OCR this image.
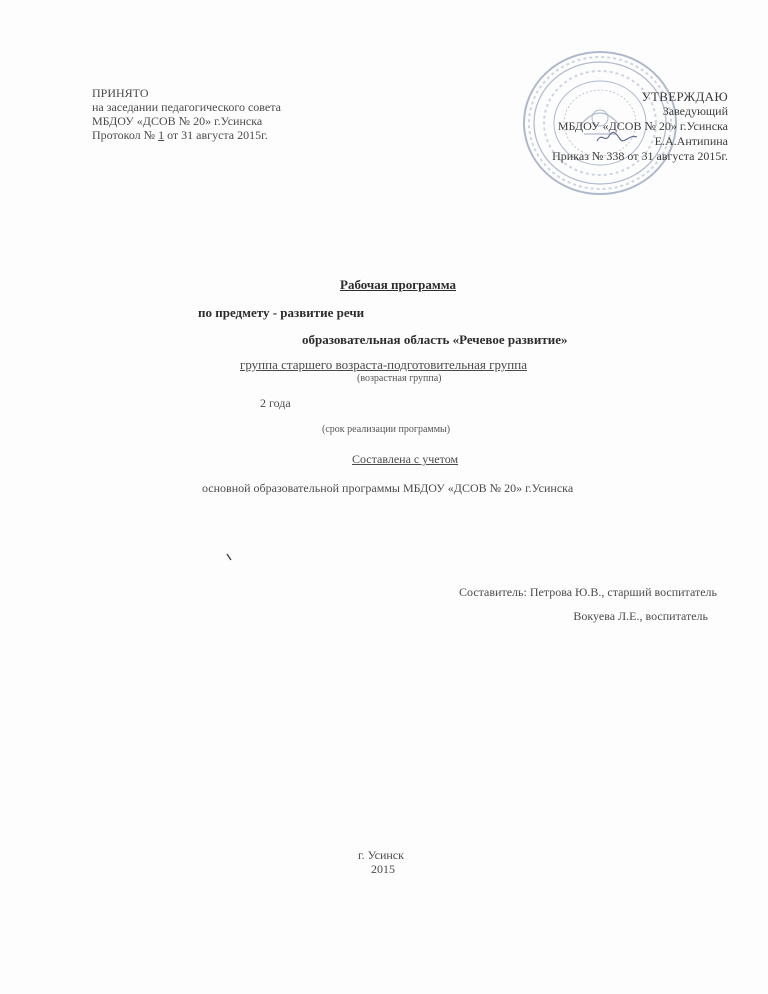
ПРИНЯТО
на заседании педагогического совета
МБДОУ «ДСОВ № 20» г.Усинска
Протокол № 1 от 31 августа 2015г.
УТВЕРЖДАЮ
Заведующий
МБДОУ «ДСОВ № 20» г.Усинска
Е.А.Антипина
Приказ № 338 от 31 августа 2015г.
Рабочая программа
по предмету - развитие речи
образовательная область «Речевое развитие»
группа старшего возраста-подготовительная группа
(возрастная группа)
2 года
(срок реализации программы)
Составлена с учетом
основной образовательной программы МБДОУ «ДСОВ № 20» г.Усинска
Составитель: Петрова Ю.В., старший воспитатель
Вокуева Л.Е., воспитатель
г. Усинск
2015
